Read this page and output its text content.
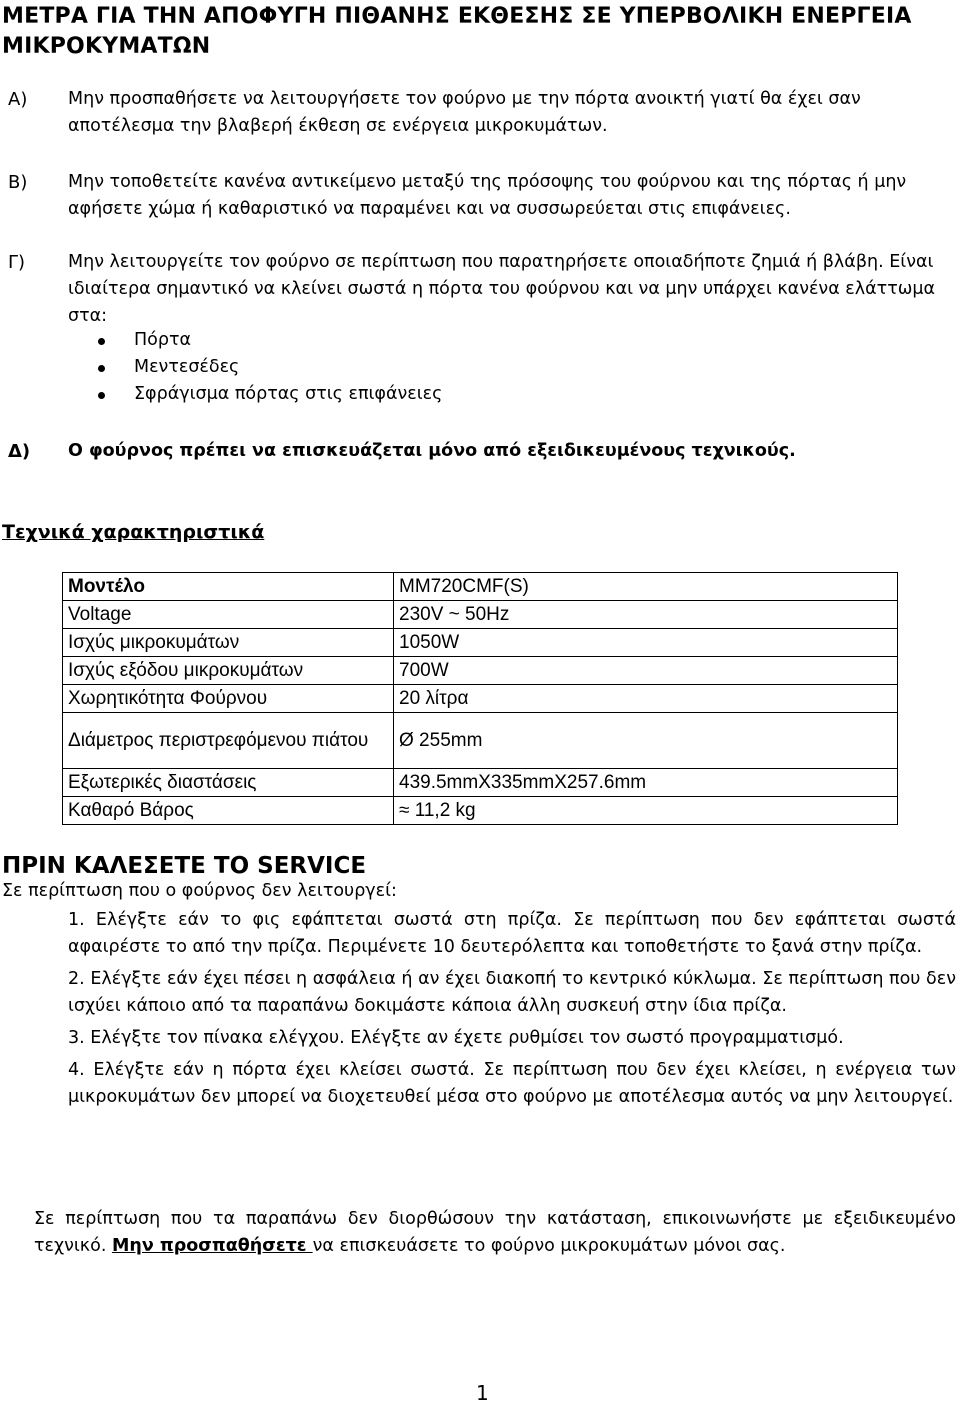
ΜΕΤΡΑ ΓΙΑ ΤΗΝ ΑΠΟΦΥΓΗ ΠΙΘΑΝΗΣ ΕΚΘΕΣΗΣ ΣΕ ΥΠΕΡΒΟΛΙΚΗ ΕΝΕΡΓΕΙΑ ΜΙΚΡΟΚΥΜΑΤΩΝ
Α) Μην προσπαθήσετε να λειτουργήσετε τον φούρνο με την πόρτα ανοικτή γιατί θα έχει σαν αποτέλεσμα την βλαβερή έκθεση σε ενέργεια μικροκυμάτων.
Β) Μην τοποθετείτε κανένα αντικείμενο μεταξύ της πρόσοψης του φούρνου και της πόρτας ή μην αφήσετε χώμα ή καθαριστικό να παραμένει και να συσσωρεύεται στις επιφάνειες.
Γ) Μην λειτουργείτε τον φούρνο σε περίπτωση που παρατηρήσετε οποιαδήποτε ζημιά ή βλάβη. Είναι ιδιαίτερα σημαντικό να κλείνει σωστά η πόρτα του φούρνου και να μην υπάρχει κανένα ελάττωμα στα:
Πόρτα
Μεντεσέδες
Σφράγισμα πόρτας στις επιφάνειες
Δ) Ο φούρνος πρέπει να επισκευάζεται μόνο από εξειδικευμένους τεχνικούς.
Τεχνικά χαρακτηριστικά
Μοντέλο	MM720CMF(S)
Voltage	230V ~ 50Hz
Ισχύς μικροκυμάτων	1050W
Ισχύς εξόδου μικροκυμάτων	700W
Χωρητικότητα Φούρνου	20 λίτρα
Διάμετρος περιστρεφόμενου πιάτου	Ø 255mm
Εξωτερικές διαστάσεις	439.5mmX335mmX257.6mm
Καθαρό Βάρος	≈ 11,2 kg
ΠΡΙΝ ΚΑΛΕΣΕΤΕ ΤΟ SERVICE
Σε περίπτωση που ο φούρνος δεν λειτουργεί:

1. Ελέγξτε εάν το φις εφάπτεται σωστά στη πρίζα. Σε περίπτωση που δεν εφάπτεται σωστά αφαιρέστε το από την πρίζα. Περιμένετε 10 δευτερόλεπτα και τοποθετήστε το ξανά στην πρίζα.

2. Ελέγξτε εάν έχει πέσει η ασφάλεια ή αν έχει διακοπή το κεντρικό κύκλωμα. Σε περίπτωση που δεν ισχύει κάποιο από τα παραπάνω δοκιμάστε κάποια άλλη συσκευή στην ίδια πρίζα.

3. Ελέγξτε τον πίνακα ελέγχου. Ελέγξτε αν έχετε ρυθμίσει τον σωστό προγραμματισμό.

4. Ελέγξτε εάν η πόρτα έχει κλείσει σωστά. Σε περίπτωση που δεν έχει κλείσει, η ενέργεια των μικροκυμάτων δεν μπορεί να διοχετευθεί μέσα στο φούρνο με αποτέλεσμα αυτός να μην λειτουργεί.

Σε περίπτωση που τα παραπάνω δεν διορθώσουν την κατάσταση, επικοινωνήστε με εξειδικευμένο τεχνικό. Μην προσπαθήσετε να επισκευάσετε το φούρνο μικροκυμάτων μόνοι σας.
1
